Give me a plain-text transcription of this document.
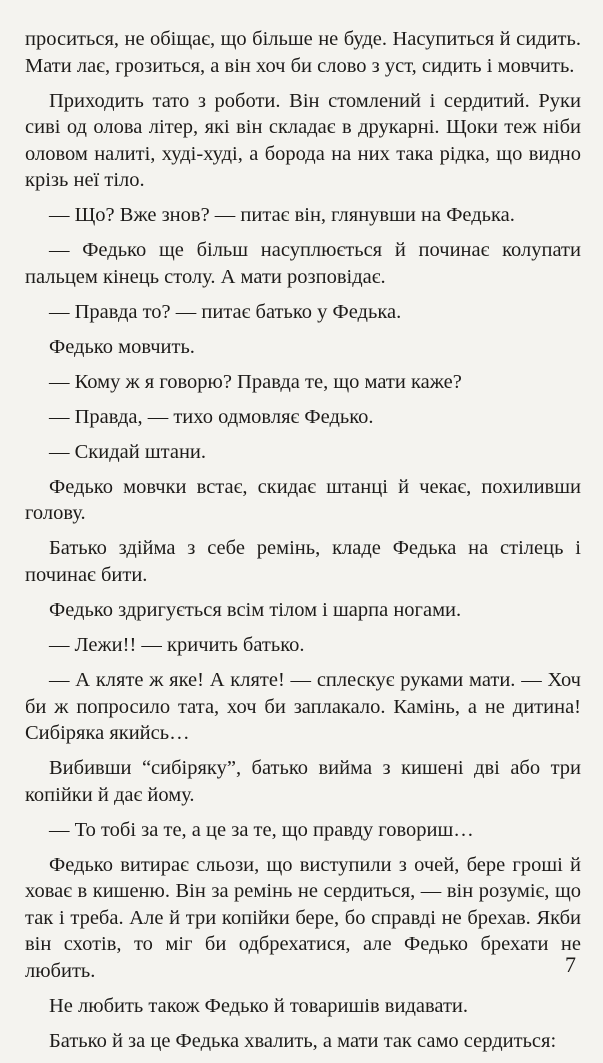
проситься, не обіщає, що більше не буде. Насупиться й сидить. Мати лає, грозиться, а він хоч би слово з уст, сидить і мовчить.

Приходить тато з роботи. Він стомлений і сердитий. Руки сиві од олова літер, які він складає в друкарні. Щоки теж ніби оловом налиті, худі-худі, а борода на них така рідка, що видно крізь неї тіло.

— Що? Вже знов? — питає він, глянувши на Федька.

— Федько ще більш насуплюється й починає колупати пальцем кінець столу. А мати розповідає.

— Правда то? — питає батько у Федька.

Федько мовчить.

— Кому ж я говорю? Правда те, що мати каже?

— Правда, — тихо одмовляє Федько.

— Скидай штани.

Федько мовчки встає, скидає штанці й чекає, похиливши голову.

Батько здійма з себе ремінь, кладе Федька на стілець і починає бити.

Федько здригується всім тілом і шарпа ногами.

— Лежи!! — кричить батько.

— А кляте ж яке! А кляте! — сплескує руками мати. — Хоч би ж попросило тата, хоч би заплакало. Камінь, а не дитина! Сибіряка якийсь…

Вибивши “сибіряку”, батько вийма з кишені дві або три копійки й дає йому.

— То тобі за те, а це за те, що правду говориш…

Федько витирає сльози, що виступили з очей, бере гроші й ховає в кишеню. Він за ремінь не сердиться, — він розуміє, що так і треба. Але й три копійки бере, бо справді не брехав. Якби він схотів, то міг би одбрехатися, але Федько брехати не любить.

Не любить також Федько й товаришів видавати.

Батько й за це Федька хвалить, а мати так само сердиться:

7
